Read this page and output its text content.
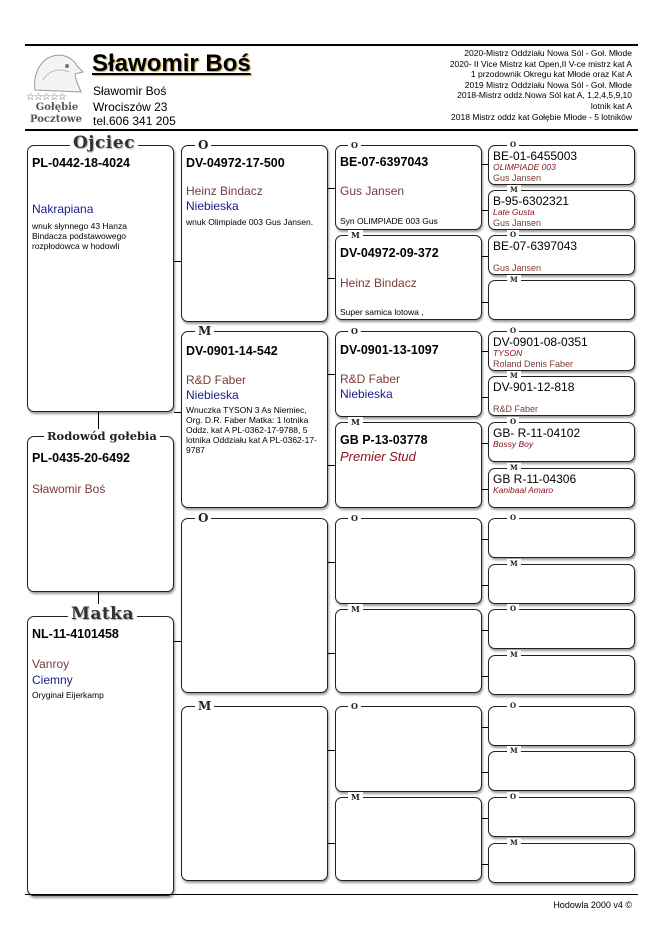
☆☆☆☆☆
Gołębie
Pocztowe
Sławomir Boś
Sławomir Boś
Wrociszów 23
tel.606 341 205
2020-Mistrz Oddziału Nowa Sól - Goł. Młode
2020- II Vice Mistrz kat Open,II V-ce mistrz kat A
1 przodownik Okregu kat Młode oraz Kat A
2019 Mistrz Oddziału Nowa Sól - Goł. Młode
2018-Mistrz oddz.Nowa Sól kat A, 1,2,4,5,9,10
lotnik kat A
2018 Mistrz oddz kat Gołębie Młode - 5 lotników
Ojciec
PL-0442-18-4024
Nakrapiana
wnuk słynnego 43 Hanza Bindacza podstawowego rozpłodowca w hodowli
Rodowód gołebia
PL-0435-20-6492
Sławomir Boś
Matka
NL-11-4101458
Vanroy
Ciemny
Oryginał Eijerkamp
O
DV-04972-17-500
Heinz Bindacz
Niebieska
wnuk Olimpiade 003 Gus Jansen.
M
DV-0901-14-542
R&D Faber
Niebieska
Wnuczka TYSON 3 As Niemiec, Org. D.R. Faber Matka: 1 lotnika Oddz. kat A PL-0362-17-9788, 5 lotnika Oddziału kat A PL-0362-17-9787
O
M
O
BE-07-6397043
Gus Jansen
Syn OLIMPIADE 003 Gus
M
DV-04972-09-372
Heinz Bindacz
Super samica lotowa ,
O
DV-0901-13-1097
R&D Faber
Niebieska
M
GB P-13-03778
Premier Stud
O
M
O
M
O
BE-01-6455003
OLIMPIADE 003
Gus Jansen
M
B-95-6302321
Late Gusta
Gus Jansen
O
BE-07-6397043
Gus Jansen
M
O
DV-0901-08-0351
TYSON
Roland Denis Faber
M
DV-901-12-818
R&D Faber
O
GB- R-11-04102
Bossy Boy
M
GB R-11-04306
Kanibaal Amaro
O
M
O
M
O
M
O
M
Hodowla 2000 v4 ©
